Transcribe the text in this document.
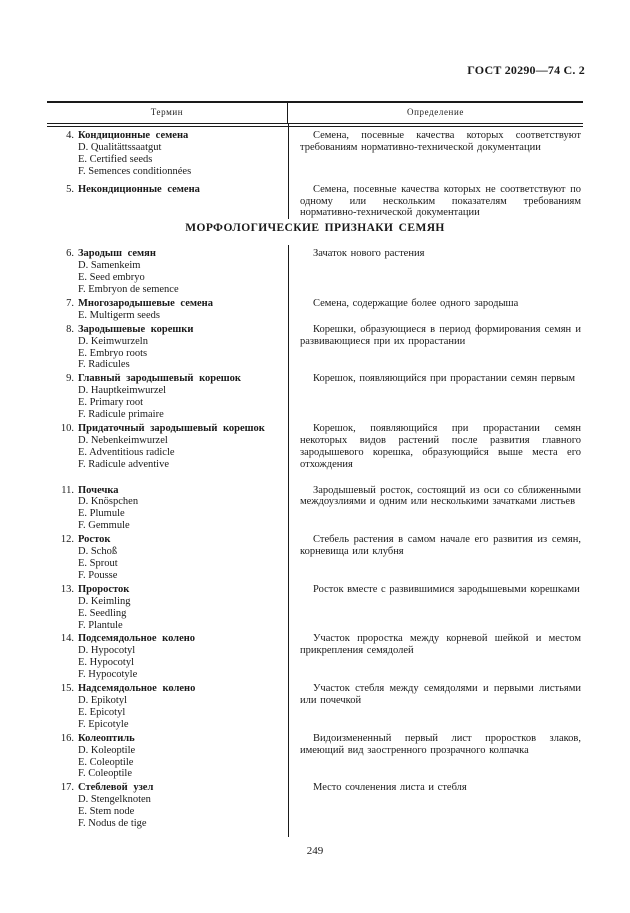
ГОСТ 20290—74 С. 2
Термин	Определение
4. Кондиционные семена
D. Qualitättssaatgut
E. Certified seeds
F. Semences conditionnées

Семена, посевные качества которых соответствуют требованиям нормативно-технической документации

5. Некондиционные семена	Семена, посевные качества которых не соответствуют по одному или нескольким показателям требованиям нормативно-технической документации

МОРФОЛОГИЧЕСКИЕ ПРИЗНАКИ СЕМЯН
6. Зародыш семян
D. Samenkeim
E. Seed embryo
F. Embryon de semence

Зачаток нового растения

7. Многозародышевые семена
E. Multigerm seeds

Семена, содержащие более одного зародыша

8. Зародышевые корешки
D. Keimwurzeln
E. Embryo roots
F. Radicules

Корешки, образующиеся в период формирования семян и развивающиеся при их прорастании

9. Главный зародышевый корешок
D. Hauptkeimwurzel
E. Primary root
F. Radicule primaire

Корешок, появляющийся при прорастании семян первым

10. Придаточный зародышевый корешок
D. Nebenkeimwurzel
E. Adventitious radicle
F. Radicule adventive

Корешок, появляющийся при прорастании семян некоторых видов растений после развития главного зародышевого корешка, образующийся выше места его отхождения

11. Почечка
D. Knöspchen
E. Plumule
F. Gemmule

Зародышевый росток, состоящий из оси со сближенными междоузлиями и одним или несколькими зачатками листьев

12. Росток
D. Schoß
E. Sprout
F. Pousse

Стебель растения в самом начале его развития из семян, корневища или клубня

13. Проросток
D. Keimling
E. Seedling
F. Plantule

Росток вместе с развившимися зародышевыми корешками

14. Подсемядольное колено
D. Hypocotyl
E. Hypocotyl
F. Hypocotyle

Участок проростка между корневой шейкой и местом прикрепления семядолей

15. Надсемядольное колено
D. Epikotyl
E. Epicotyl
F. Epicotyle

Участок стебля между семядолями и первыми листьями или почечкой

16. Колеоптиль
D. Koleoptile
E. Coleoptile
F. Coleoptile

Видоизмененный первый лист проростков злаков, имеющий вид заостренного прозрачного колпачка

17. Стеблевой узел
D. Stengelknoten
E. Stem node
F. Nodus de tige

Место сочленения листа и стебля

249
